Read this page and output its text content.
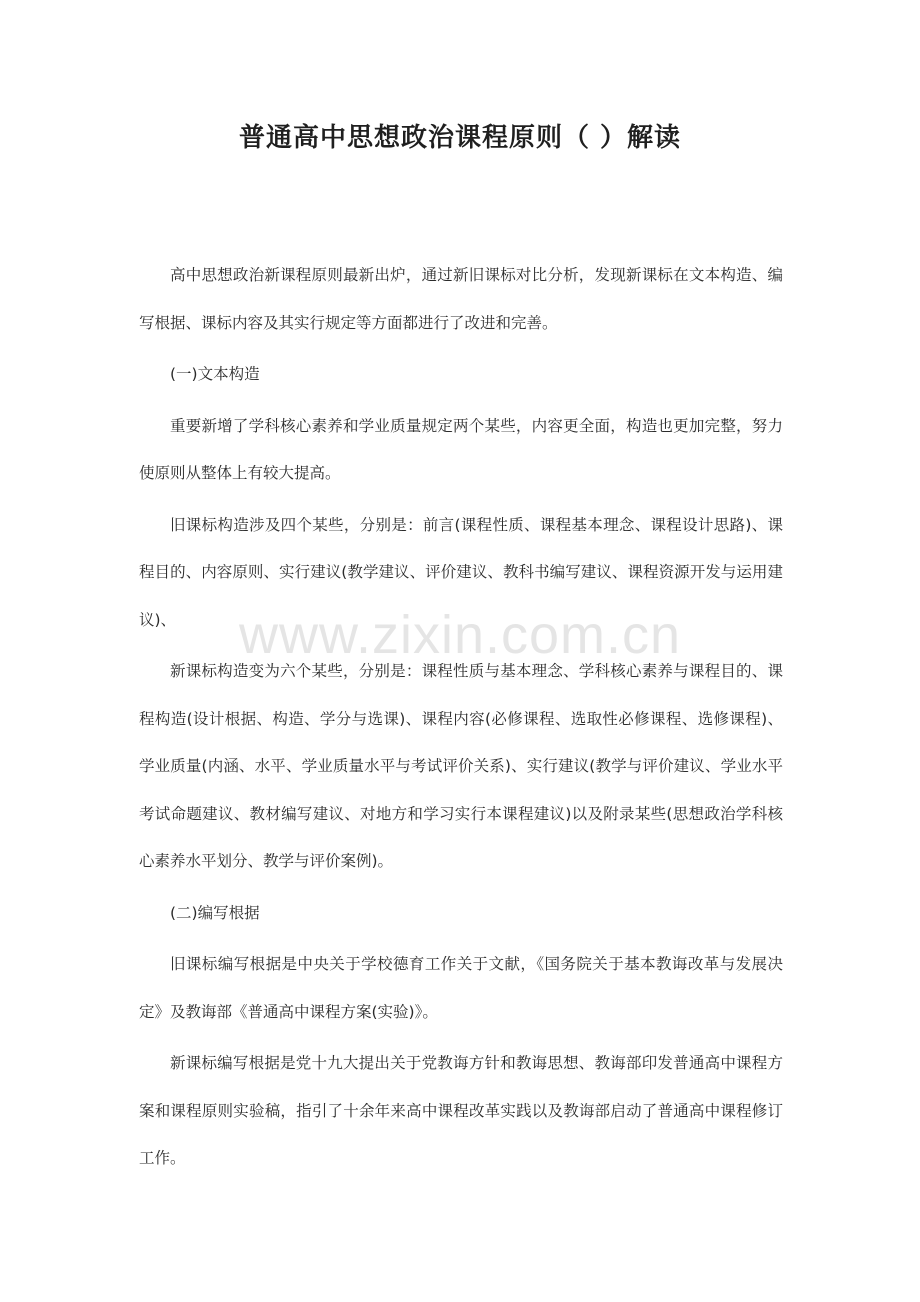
普通高中思想政治课程原则（ ）解读

高中思想政治新课程原则最新出炉，通过新旧课标对比分析，发现新课标在文本构造、编写根据、课标内容及其实行规定等方面都进行了改进和完善。

(一)文本构造

重要新增了学科核心素养和学业质量规定两个某些，内容更全面，构造也更加完整，努力使原则从整体上有较大提高。

旧课标构造涉及四个某些，分别是：前言(课程性质、课程基本理念、课程设计思路)、课程目的、内容原则、实行建议(教学建议、评价建议、教科书编写建议、课程资源开发与运用建议)、

新课标构造变为六个某些，分别是：课程性质与基本理念、学科核心素养与课程目的、课程构造(设计根据、构造、学分与选课)、课程内容(必修课程、选取性必修课程、选修课程)、学业质量(内涵、水平、学业质量水平与考试评价关系)、实行建议(教学与评价建议、学业水平考试命题建议、教材编写建议、对地方和学习实行本课程建议)以及附录某些(思想政治学科核心素养水平划分、教学与评价案例)。

(二)编写根据

旧课标编写根据是中央关于学校德育工作关于文献，《国务院关于基本教诲改革与发展决定》及教诲部《普通高中课程方案(实验)》。

新课标编写根据是党十九大提出关于党教诲方针和教诲思想、教诲部印发普通高中课程方案和课程原则实验稿，指引了十余年来高中课程改革实践以及教诲部启动了普通高中课程修订工作。

www.zixin.com.cn
